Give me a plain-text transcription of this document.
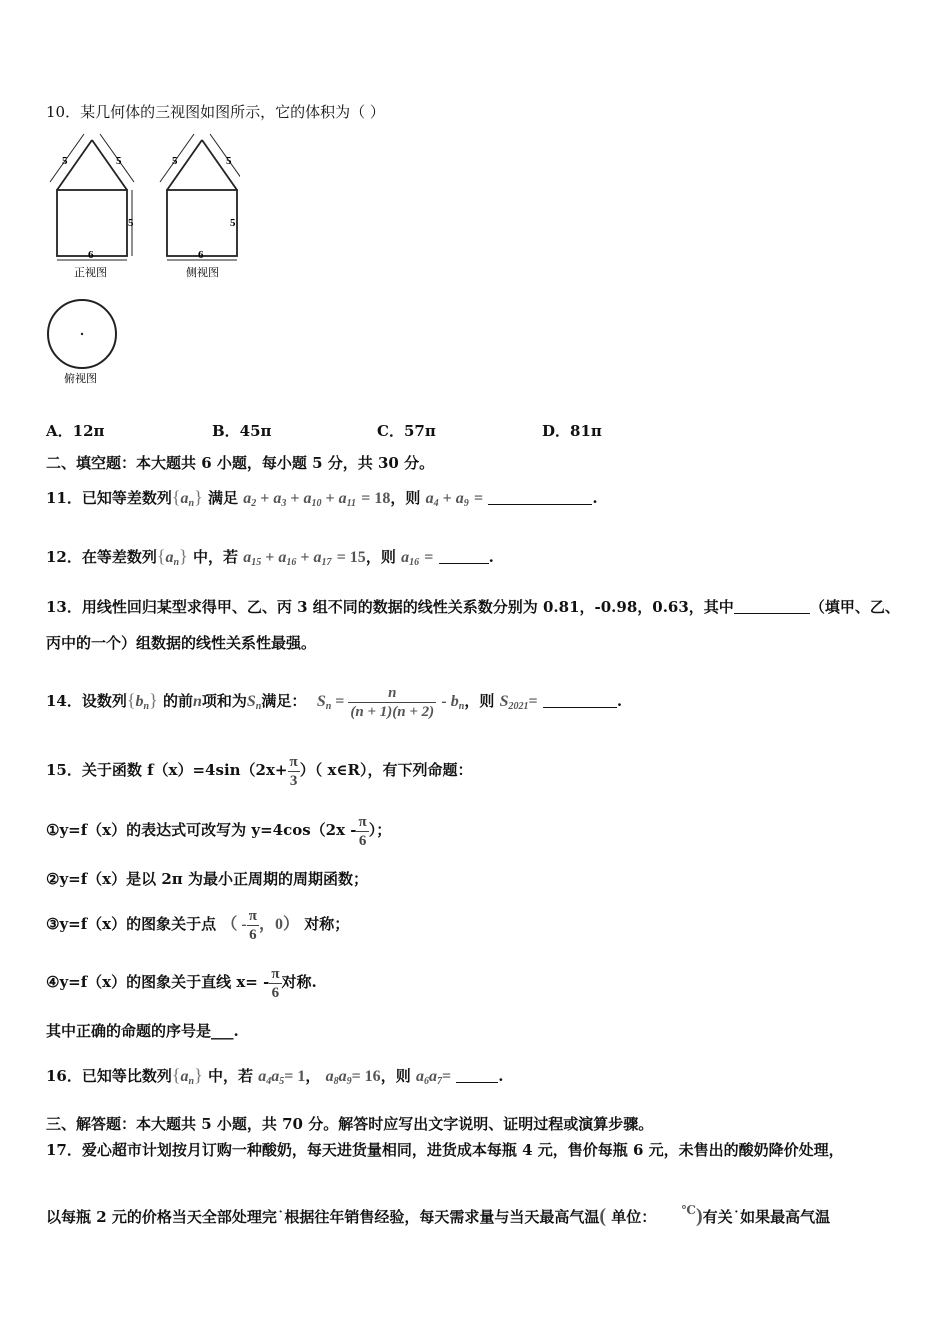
10．某几何体的三视图如图所示，它的体积为（ ）
5	5
5
6
正视图
5	5
5
6
侧视图
俯视图
A．12π	B．45π	C．57π	D．81π
二、填空题：本大题共 6 小题，每小题 5 分，共 30 分。
11．已知等差数列$\{a_n\}$ 满足 $a_2 + a_3 + a_{10} + a_{11} = 18$，则 $a_4 + a_9$ =	.
12．在等差数列$\{a_n\}$ 中，若 $a_{15} + a_{16} + a_{17} = 15$，则 $a_{16}$ =	.
13．用线性回归某型求得甲、乙、丙 3 组不同的数据的线性关系数分别为 0.81，-0.98，0.63，其中	（填甲、乙、
丙中的一个）组数据的线性关系性最强。
14．设数列$\{b_n\}$ 的前n项和为$S_n$满足： $S_n = \frac{n}{(n + 1)(n + 2)} - b_n$，则 $S_{2021}=$	.
15．关于函数 $f(x)=4\sin(2x+ \frac{\pi}{3}$ ）（ x∈R），有下列命题：
①y=f（x）的表达式可改写为 $y=4\cos(2x - \frac{\pi}{6}$ ）；
②y=f（x）是以 2π 为最小正周期的周期函数；
③y=f（x）的图象关于点 （ - $\frac{\pi}{6}$ ，0） 对称；
④y=f（x）的图象关于直线 $x= - \frac{\pi}{6}$ 对称.
其中正确的命题的序号是___.
16．已知等比数列$\{a_n\}$ 中，若 $a_4a_5= 1$， $a_8a_9= 16$，则 $a_6a_7=$	.
三、解答题：本大题共 5 小题，共 70 分。解答时应写出文字说明、证明过程或演算步骤。
17．爱心超市计划按月订购一种酸奶，每天进货量相同，进货成本每瓶 4 元，售价每瓶 6 元，未售出的酸奶降价处理，
以每瓶 2 元的价格当天全部处理完˙根据往年销售经验，每天需求量与当天最高气温( 单位： ℃)有关˙如果最高气温
